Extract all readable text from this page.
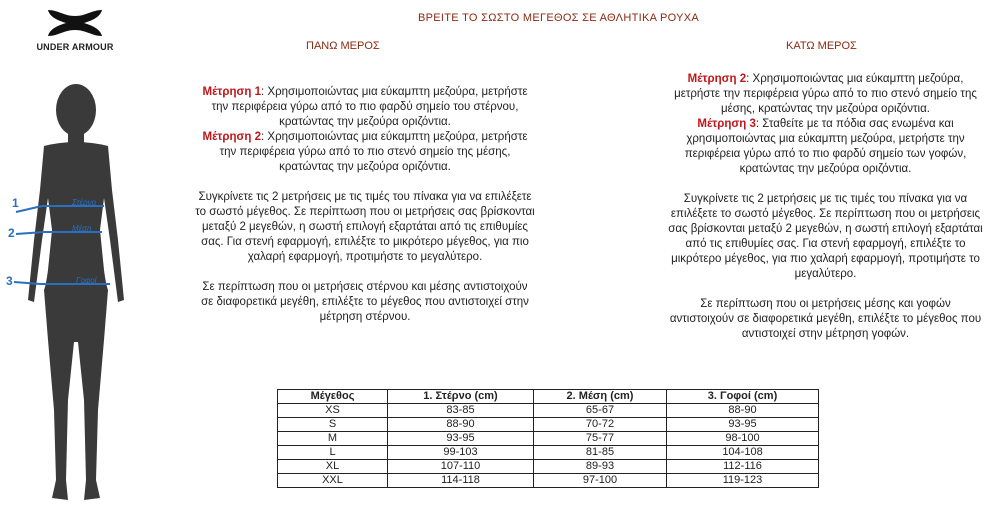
UNDER ARMOUR
ΒΡΕΙΤΕ ΤΟ ΣΩΣΤΟ ΜΕΓΕΘΟΣ ΣΕ ΑΘΛΗΤΙΚΑ ΡΟΥΧΑ
ΠΑΝΩ ΜΕΡΟΣ	ΚΑΤΩ ΜΕΡΟΣ

Μέτρηση 1: Χρησιμοποιώντας μια εύκαμπτη μεζούρα, μετρήστε την περιφέρεια γύρω από το πιο φαρδύ σημείο του στέρνου, κρατώντας την μεζούρα οριζόντια.

Μέτρηση 2: Χρησιμοποιώντας μια εύκαμπτη μεζούρα, μετρήστε την περιφέρεια γύρω από το πιο στενό σημείο της μέσης, κρατώντας την μεζούρα οριζόντια.

Συγκρίνετε τις 2 μετρήσεις με τις τιμές του πίνακα για να επιλέξετε το σωστό μέγεθος. Σε περίπτωση που οι μετρήσεις σας βρίσκονται μεταξύ 2 μεγεθών, η σωστή επιλογή εξαρτάται από τις επιθυμίες σας. Για στενή εφαρμογή, επιλέξτε το μικρότερο μέγεθος, για πιο χαλαρή εφαρμογή, προτιμήστε το μεγαλύτερο.

Σε περίπτωση που οι μετρήσεις στέρνου και μέσης αντιστοιχούν σε διαφορετικά μεγέθη, επιλέξτε το μέγεθος που αντιστοιχεί στην μέτρηση στέρνου.

Μέτρηση 2: Χρησιμοποιώντας μια εύκαμπτη μεζούρα, μετρήστε την περιφέρεια γύρω από το πιο στενό σημείο της μέσης, κρατώντας την μεζούρα οριζόντια.

Μέτρηση 3: Σταθείτε με τα πόδια σας ενωμένα και χρησιμοποιώντας μια εύκαμπτη μεζούρα, μετρήστε την περιφέρεια γύρω από το πιο φαρδύ σημείο των γοφών, κρατώντας την μεζούρα οριζόντια.

Συγκρίνετε τις 2 μετρήσεις με τις τιμές του πίνακα για να επιλέξετε το σωστό μέγεθος. Σε περίπτωση που οι μετρήσεις σας βρίσκονται μεταξύ 2 μεγεθών, η σωστή επιλογή εξαρτάται από τις επιθυμίες σας. Για στενή εφαρμογή, επιλέξτε το μικρότερο μέγεθος, για πιο χαλαρή εφαρμογή, προτιμήστε το μεγαλύτερο.

Σε περίπτωση που οι μετρήσεις μέσης και γοφών αντιστοιχούν σε διαφορετικά μεγέθη, επιλέξτε το μέγεθος που αντιστοιχεί στην μέτρηση γοφών.

1
2
3
Στέρνο
Μέση
Γοφοί
Μέγεθος	1. Στέρνο (cm)	2. Μέση (cm)	3. Γοφοί (cm)
XS	83-85	65-67	88-90
S	88-90	70-72	93-95
M	93-95	75-77	98-100
L	99-103	81-85	104-108
XL	107-110	89-93	112-116
XXL	114-118	97-100	119-123
